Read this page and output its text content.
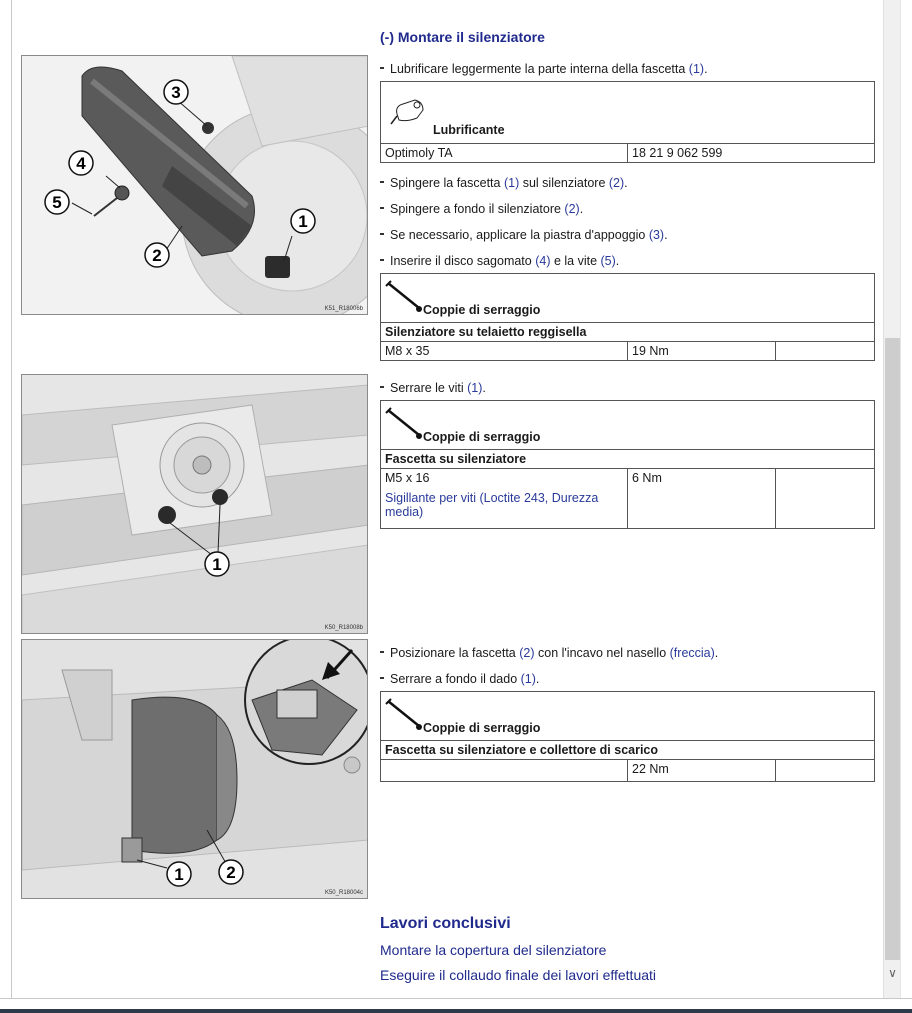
3
4
5
2
1
K51_R18006b
1
K50_R18008b
1	2
K50_R18004c
(-) Montare il silenziatore
Lubrificare leggermente la parte interna della fascetta (1).
Lubrificante

Optimoly TA	18 21 9 062 599
Spingere la fascetta (1) sul silenziatore (2).
Spingere a fondo il silenziatore (2).
Se necessario, applicare la piastra d'appoggio (3).
Inserire il disco sagomato (4) e la vite (5).
Coppie di serraggio

Silenziatore su telaietto reggisella
M8 x 35	19 Nm	
Serrare le viti (1).
Coppie di serraggio

Fascetta su silenziatore

M5 x 16
Sigillante per viti (Loctite 243, Durezza media)
	6 Nm	
Posizionare la fascetta (2) con l'incavo nel nasello (freccia).
Serrare a fondo il dado (1).
Coppie di serraggio

Fascetta su silenziatore e collettore di scarico
	22 Nm	
Lavori conclusivi
Montare la copertura del silenziatore
Eseguire il collaudo finale dei lavori effettuati	∨
